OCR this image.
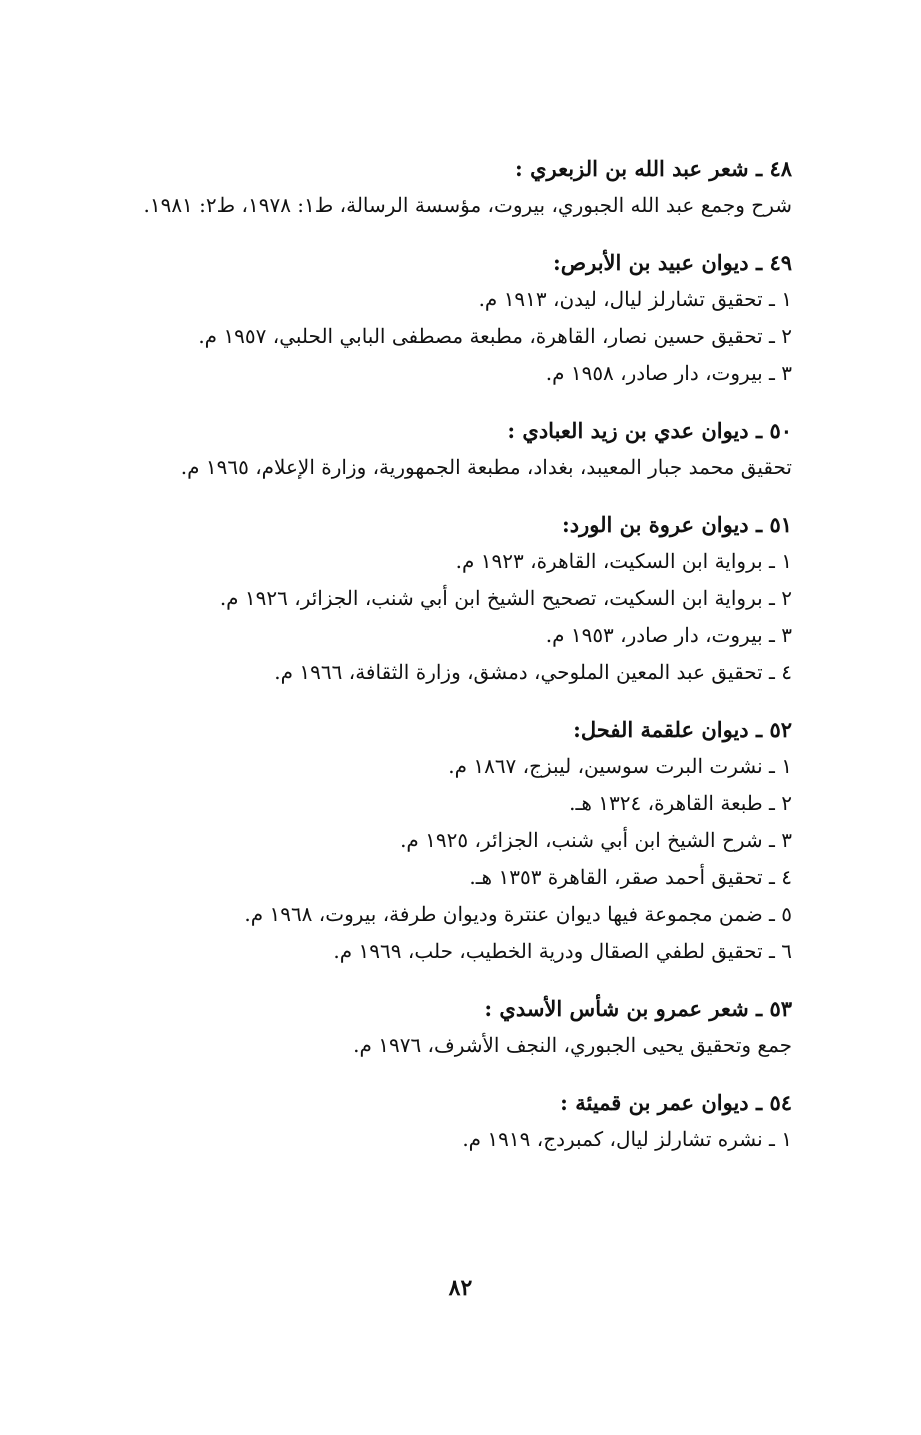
٤٨ ـ شعر عبد الله بن الزبعري :
شرح وجمع عبد الله الجبوري، بيروت، مؤسسة الرسالة، ط١: ١٩٧٨، ط٢: ١٩٨١.
٤٩ ـ ديوان عبيد بن الأبرص:
١ ـ تحقيق تشارلز ليال، ليدن، ١٩١٣ م.
٢ ـ تحقيق حسين نصار، القاهرة، مطبعة مصطفى البابي الحلبي، ١٩٥٧ م.
٣ ـ بيروت، دار صادر، ١٩٥٨ م.
٥٠ ـ ديوان عدي بن زيد العبادي :
تحقيق محمد جبار المعيبد، بغداد، مطبعة الجمهورية، وزارة الإعلام، ١٩٦٥ م.
٥١ ـ ديوان عروة بن الورد:
١ ـ برواية ابن السكيت، القاهرة، ١٩٢٣ م.
٢ ـ برواية ابن السكيت، تصحيح الشيخ ابن أبي شنب، الجزائر، ١٩٢٦ م.
٣ ـ بيروت، دار صادر، ١٩٥٣ م.
٤ ـ تحقيق عبد المعين الملوحي، دمشق، وزارة الثقافة، ١٩٦٦ م.
٥٢ ـ ديوان علقمة الفحل:
١ ـ نشرت البرت سوسين، ليبزج، ١٨٦٧ م.
٢ ـ طبعة القاهرة، ١٣٢٤ هـ.
٣ ـ شرح الشيخ ابن أبي شنب، الجزائر، ١٩٢٥ م.
٤ ـ تحقيق أحمد صقر، القاهرة ١٣٥٣ هـ.
٥ ـ ضمن مجموعة فيها ديوان عنترة وديوان طرفة، بيروت، ١٩٦٨ م.
٦ ـ تحقيق لطفي الصقال ودرية الخطيب، حلب، ١٩٦٩ م.
٥٣ ـ شعر عمرو بن شأس الأسدي :
جمع وتحقيق يحيى الجبوري، النجف الأشرف، ١٩٧٦ م.
٥٤ ـ ديوان عمر بن قميئة :
١ ـ نشره تشارلز ليال، كمبردج، ١٩١٩ م.
٨٢
